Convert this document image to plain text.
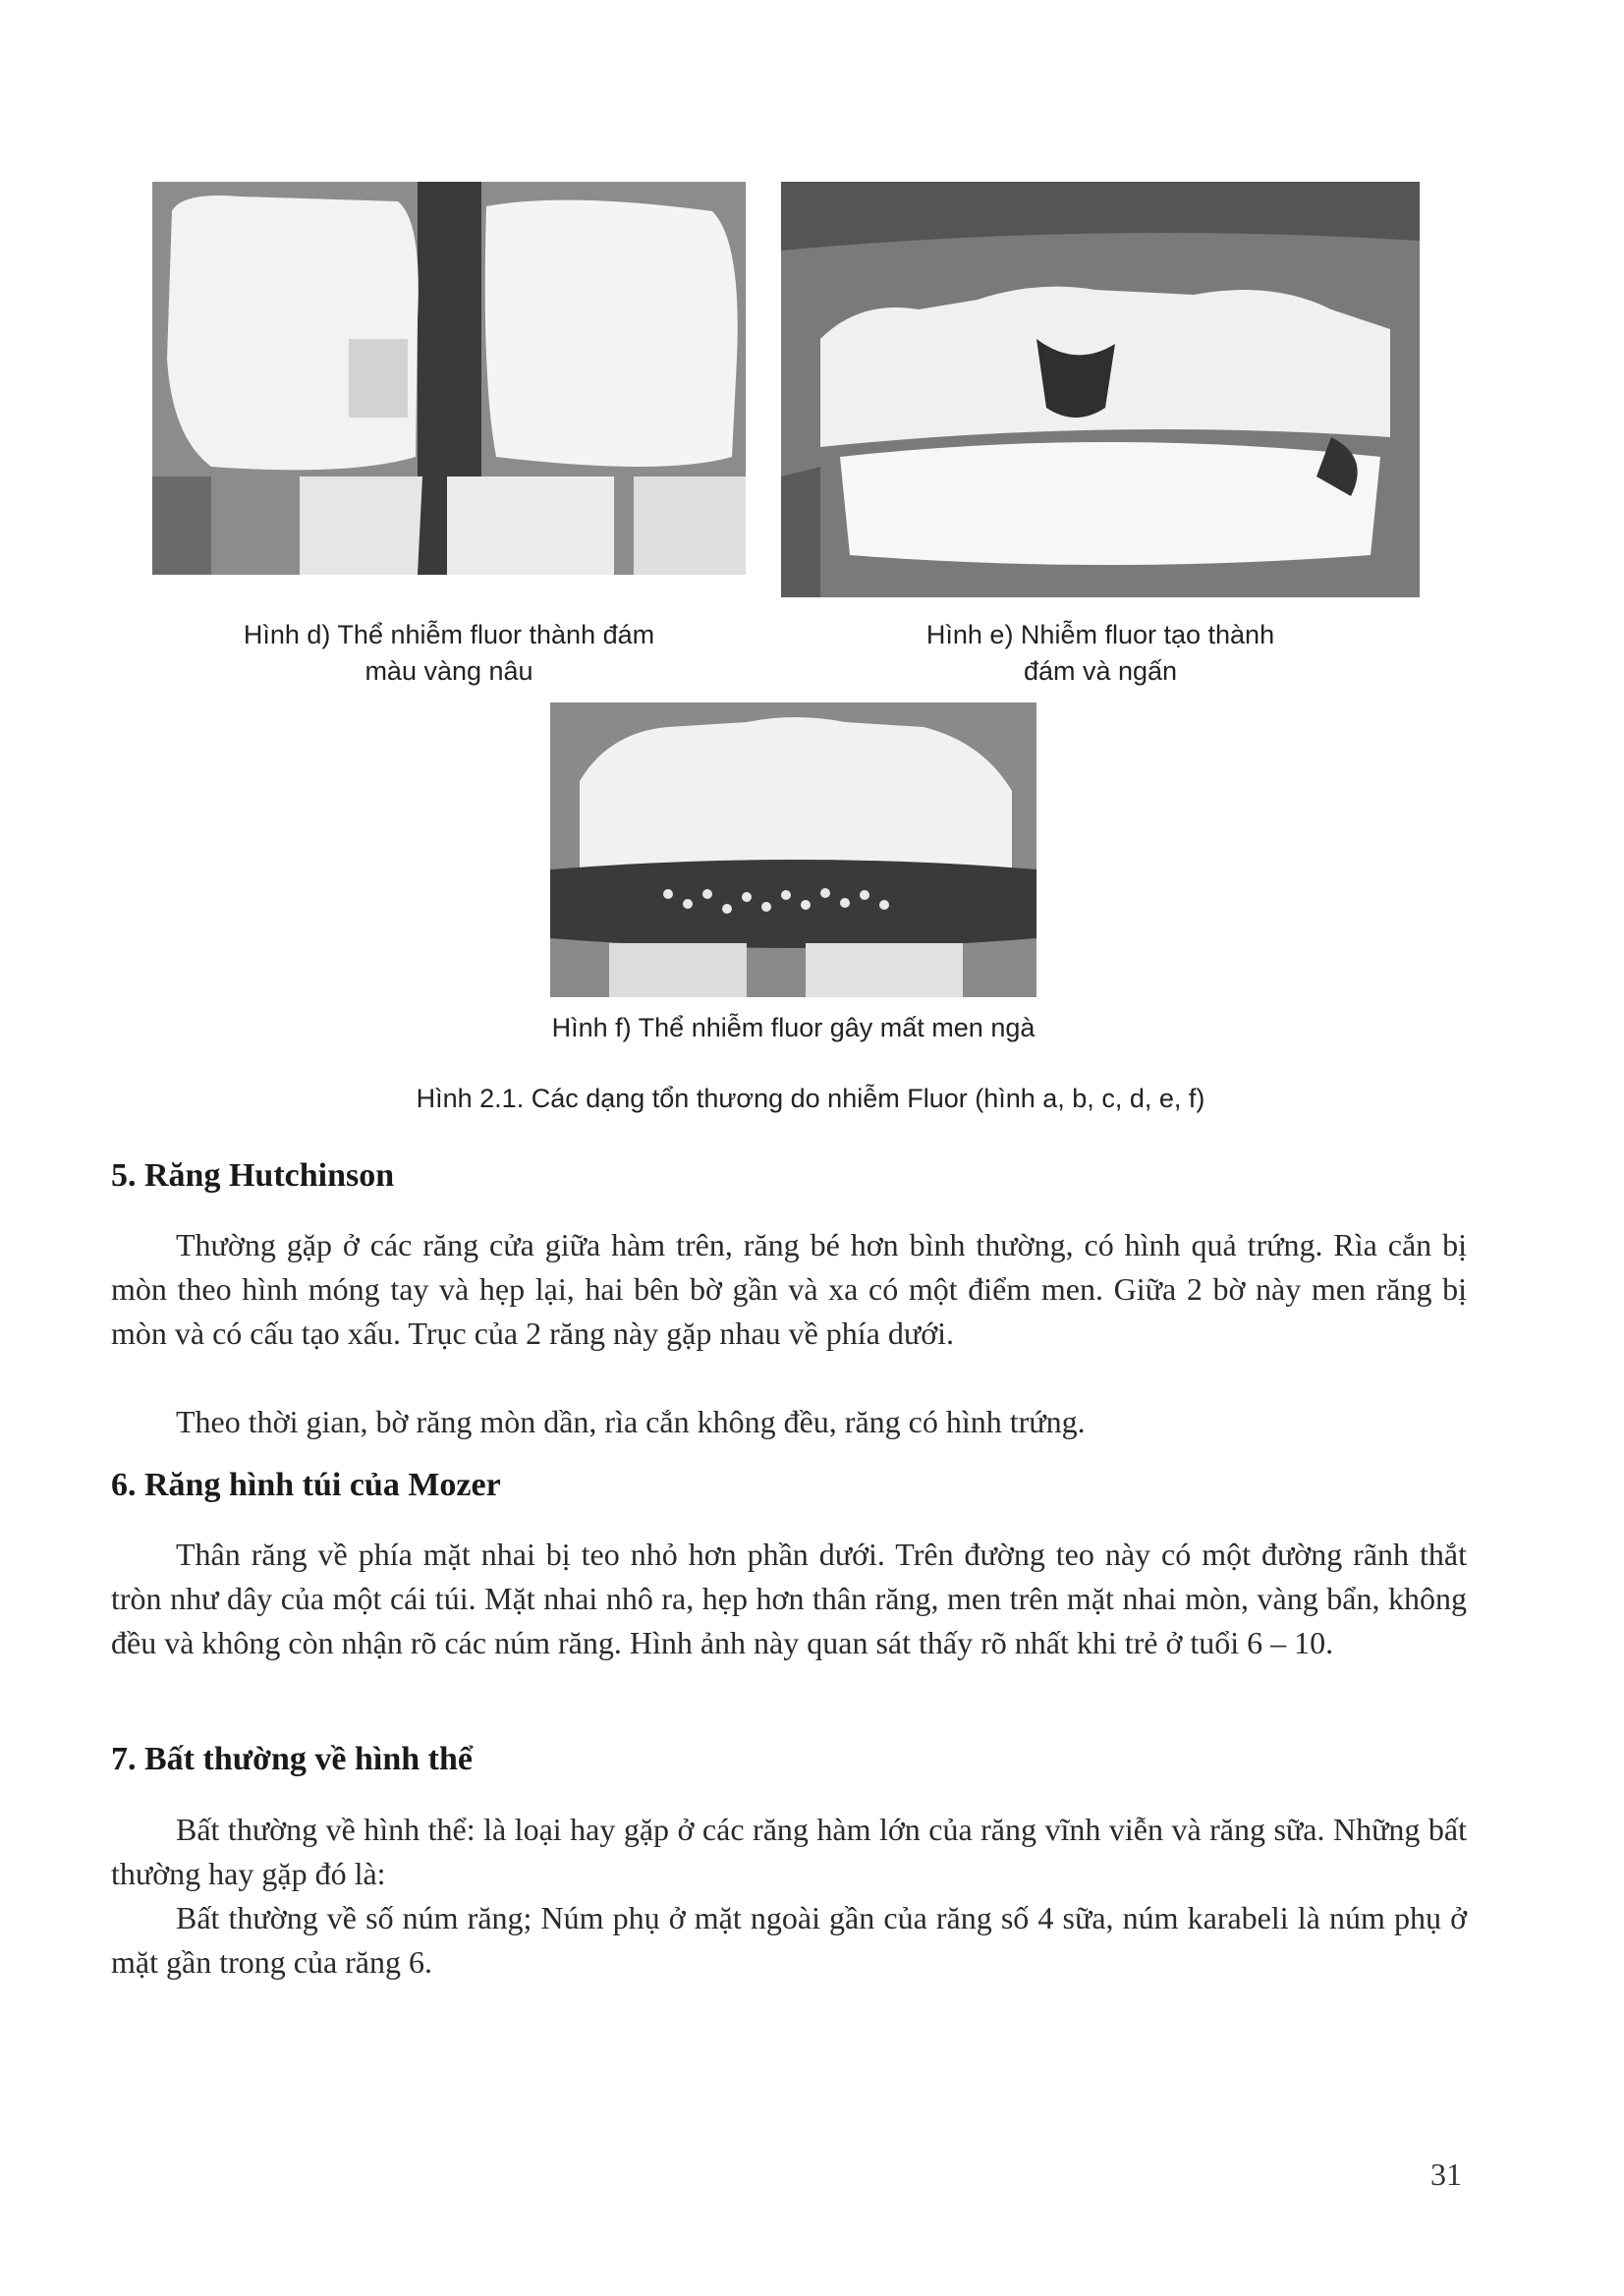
Hình d) Thể nhiễm fluor thành đám
màu vàng nâu
Hình e) Nhiễm fluor tạo thành
đám và ngấn
Hình f) Thể nhiễm fluor gây mất men ngà
Hình 2.1. Các dạng tổn thương do nhiễm Fluor (hình a, b, c, d, e, f)
5. Răng Hutchinson

Thường gặp ở các răng cửa giữa hàm trên, răng bé hơn bình thường, có hình quả trứng. Rìa cắn bị mòn theo hình móng tay và hẹp lại, hai bên bờ gần và xa có một điểm men. Giữa 2 bờ này men răng bị mòn và có cấu tạo xấu. Trục của 2 răng này gặp nhau về phía dưới.

Theo thời gian, bờ răng mòn dần, rìa cắn không đều, răng có hình trứng.

6. Răng hình túi của Mozer

Thân răng về phía mặt nhai bị teo nhỏ hơn phần dưới. Trên đường teo này có một đường rãnh thắt tròn như dây của một cái túi. Mặt nhai nhô ra, hẹp hơn thân răng, men trên mặt nhai mòn, vàng bẩn, không đều và không còn nhận rõ các núm răng. Hình ảnh này quan sát thấy rõ nhất khi trẻ ở tuổi 6 – 10.

7. Bất thường về hình thể

Bất thường về hình thể: là loại hay gặp ở các răng hàm lớn của răng vĩnh viễn và răng sữa. Những bất thường hay gặp đó là:

Bất thường về số núm răng; Núm phụ ở mặt ngoài gần của răng số 4 sữa, núm karabeli là núm phụ ở mặt gần trong của răng 6.

31
